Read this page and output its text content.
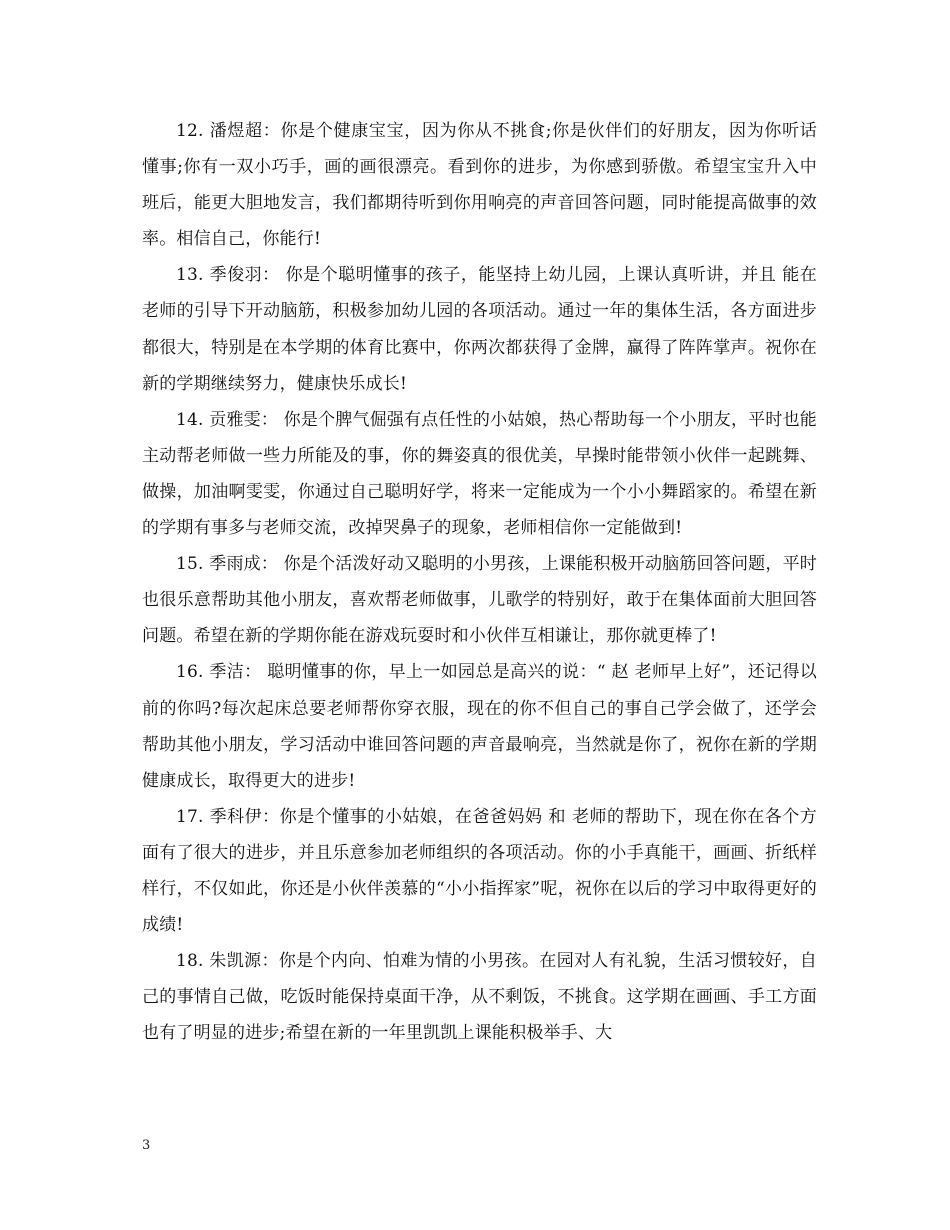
12. 潘煜超：你是个健康宝宝，因为你从不挑食;你是伙伴们的好朋友，因为你听话懂事;你有一双小巧手，画的画很漂亮。看到你的进步，为你感到骄傲。希望宝宝升入中班后，能更大胆地发言，我们都期待听到你用响亮的声音回答问题，同时能提高做事的效率。相信自己，你能行!

13. 季俊羽： 你是个聪明懂事的孩子，能坚持上幼儿园，上课认真听讲，并且 能在 老师的引导下开动脑筋，积极参加幼儿园的各项活动。通过一年的集体生活，各方面进步都很大，特别是在本学期的体育比赛中，你两次都获得了金牌，赢得了阵阵掌声。祝你在新的学期继续努力，健康快乐成长!

14. 贡雅雯： 你是个脾气倔强有点任性的小姑娘，热心帮助每一个小朋友，平时也能主动帮老师做一些力所能及的事，你的舞姿真的很优美，早操时能带领小伙伴一起跳舞、做操，加油啊雯雯，你通过自己聪明好学，将来一定能成为一个小小舞蹈家的。希望在新的学期有事多与老师交流，改掉哭鼻子的现象，老师相信你一定能做到!

15. 季雨成： 你是个活泼好动又聪明的小男孩，上课能积极开动脑筋回答问题，平时也很乐意帮助其他小朋友，喜欢帮老师做事，儿歌学的特别好，敢于在集体面前大胆回答问题。希望在新的学期你能在游戏玩耍时和小伙伴互相谦让，那你就更棒了!

16. 季洁： 聪明懂事的你，早上一如园总是高兴的说：“ 赵 老师早上好”，还记得以前的你吗?每次起床总要老师帮你穿衣服，现在的你不但自己的事自己学会做了，还学会帮助其他小朋友，学习活动中谁回答问题的声音最响亮，当然就是你了，祝你在新的学期健康成长，取得更大的进步!

17. 季科伊：你是个懂事的小姑娘，在爸爸妈妈 和 老师的帮助下，现在你在各个方面有了很大的进步，并且乐意参加老师组织的各项活动。你的小手真能干，画画、折纸样样行，不仅如此，你还是小伙伴羡慕的“小小指挥家”呢，祝你在以后的学习中取得更好的成绩!

18. 朱凯源：你是个内向、怕难为情的小男孩。在园对人有礼貌，生活习惯较好，自己的事情自己做，吃饭时能保持桌面干净，从不剩饭，不挑食。这学期在画画、手工方面也有了明显的进步;希望在新的一年里凯凯上课能积极举手、大

3
